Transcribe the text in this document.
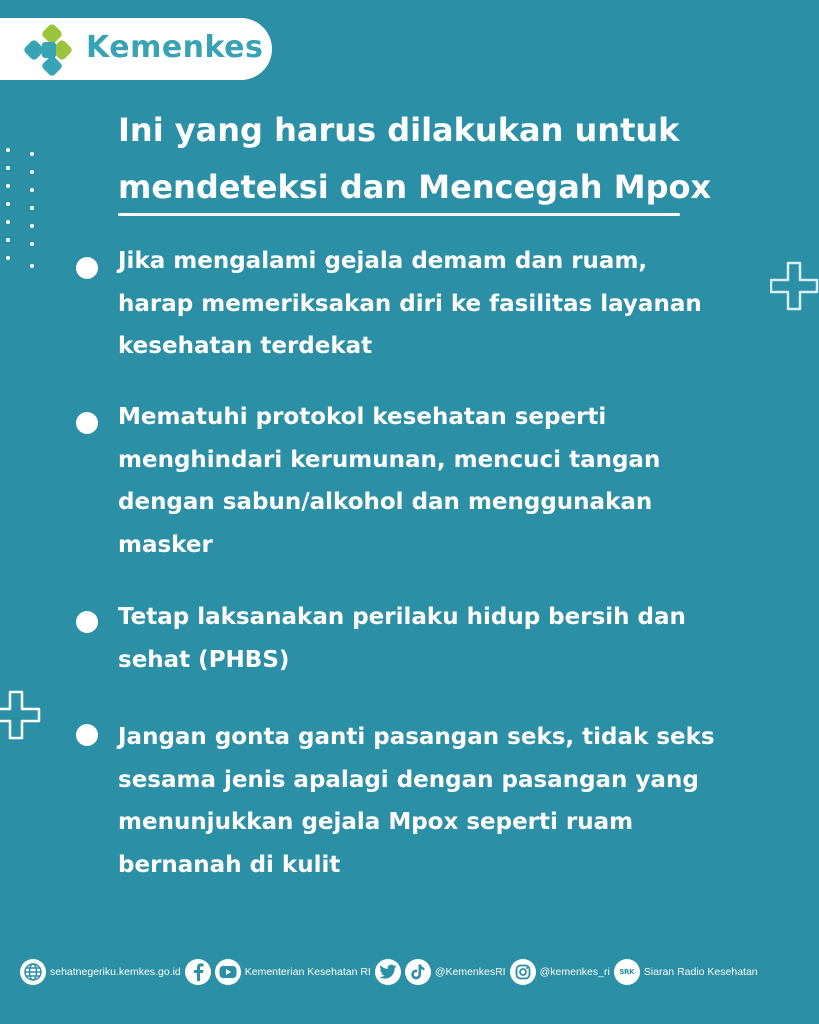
Kemenkes
Ini yang harus dilakukan untuk
mendeteksi dan Mencegah Mpox

Jika mengalami gejala demam dan ruam,
harap memeriksakan diri ke fasilitas layanan
kesehatan terdekat

Mematuhi protokol kesehatan seperti
menghindari kerumunan, mencuci tangan
dengan sabun/alkohol dan menggunakan
masker

Tetap laksanakan perilaku hidup bersih dan
sehat (PHBS)

Jangan gonta ganti pasangan seks, tidak seks
sesama jenis apalagi dengan pasangan yang
menunjukkan gejala Mpox seperti ruam
bernanah di kulit

sehatnegeriku.kemkes.go.id	Kementerian Kesehatan RI	@KemenkesRI	@kemenkes_ri SRK Siaran Radio Kesehatan
